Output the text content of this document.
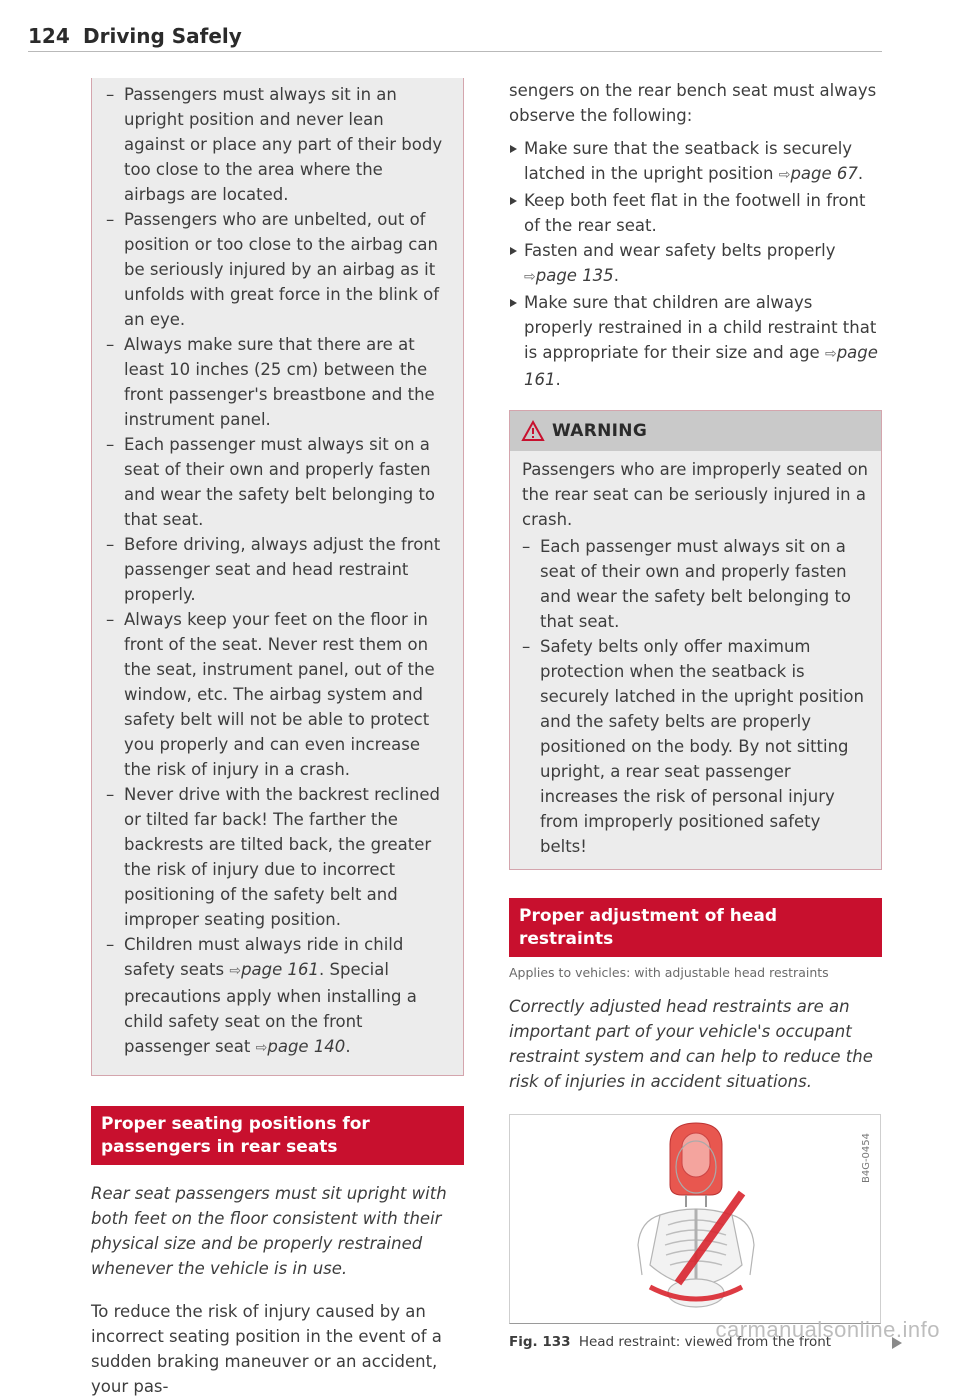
124 Driving Safely
– Passengers must always sit in an upright position and never lean against or place any part of their body too close to the area where the airbags are located.
– Passengers who are unbelted, out of position or too close to the airbag can be seriously injured by an airbag as it unfolds with great force in the blink of an eye.
– Always make sure that there are at least 10 inches (25 cm) between the front passenger's breastbone and the instrument panel.
– Each passenger must always sit on a seat of their own and properly fasten and wear the safety belt belonging to that seat.
– Before driving, always adjust the front passenger seat and head restraint properly.
– Always keep your feet on the floor in front of the seat. Never rest them on the seat, instrument panel, out of the window, etc. The airbag system and safety belt will not be able to protect you properly and can even increase the risk of injury in a crash.
– Never drive with the backrest reclined or tilted far back! The farther the backrests are tilted back, the greater the risk of injury due to incorrect positioning of the safety belt and improper seating position.
– Children must always ride in child safety seats ⇨page 161. Special precautions apply when installing a child safety seat on the front passenger seat ⇨page 140.
Proper seating positions for passengers in rear seats

Rear seat passengers must sit upright with both feet on the floor consistent with their physical size and be properly restrained whenever the vehicle is in use.

To reduce the risk of injury caused by an incorrect seating position in the event of a sudden braking maneuver or an accident, your pas-

sengers on the rear bench seat must always observe the following:

Make sure that the seatback is securely latched in the upright position ⇨page 67.
Keep both feet flat in the footwell in front of the rear seat.
Fasten and wear safety belts properly ⇨page 135.
Make sure that children are always properly restrained in a child restraint that is appropriate for their size and age ⇨page 161.
WARNING

Passengers who are improperly seated on the rear seat can be seriously injured in a crash.

– Each passenger must always sit on a seat of their own and properly fasten and wear the safety belt belonging to that seat.
– Safety belts only offer maximum protection when the seatback is securely latched in the upright position and the safety belts are properly positioned on the body. By not sitting upright, a rear seat passenger increases the risk of personal injury from improperly positioned safety belts!
Proper adjustment of head restraints

Applies to vehicles: with adjustable head restraints

Correctly adjusted head restraints are an important part of your vehicle's occupant restraint system and can help to reduce the risk of injuries in accident situations.

B4G-0454

Fig. 133 Head restraint: viewed from the front

carmanualsonline.info
